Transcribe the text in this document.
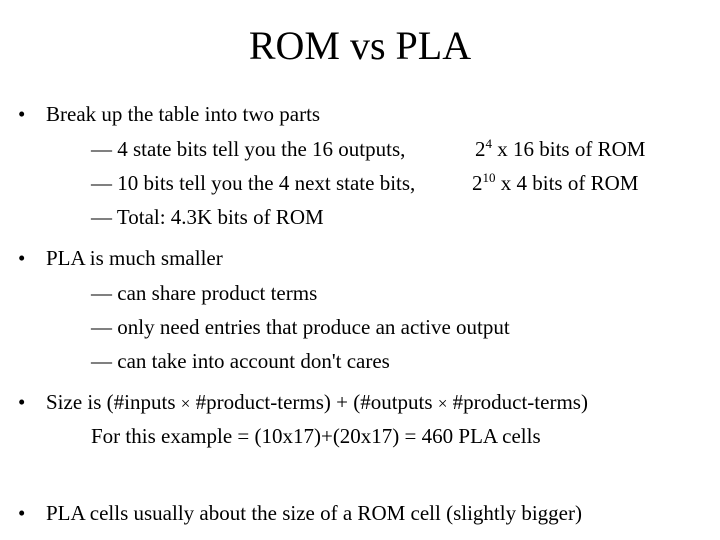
ROM vs PLA
• Break up the table into two parts
— 4 state bits tell you the 16 outputs,	$2^4$ x 16 bits of ROM
— 10 bits tell you the 4 next state bits,	$2^{10}$ x 4 bits of ROM
— Total: 4.3K bits of ROM
• PLA is much smaller
— can share product terms
— only need entries that produce an active output
— can take into account don't cares
• Size is (#inputs × #product-terms) + (#outputs × #product-terms)
For this example = (10x17)+(20x17) = 460 PLA cells
• PLA cells usually about the size of a ROM cell (slightly bigger)
